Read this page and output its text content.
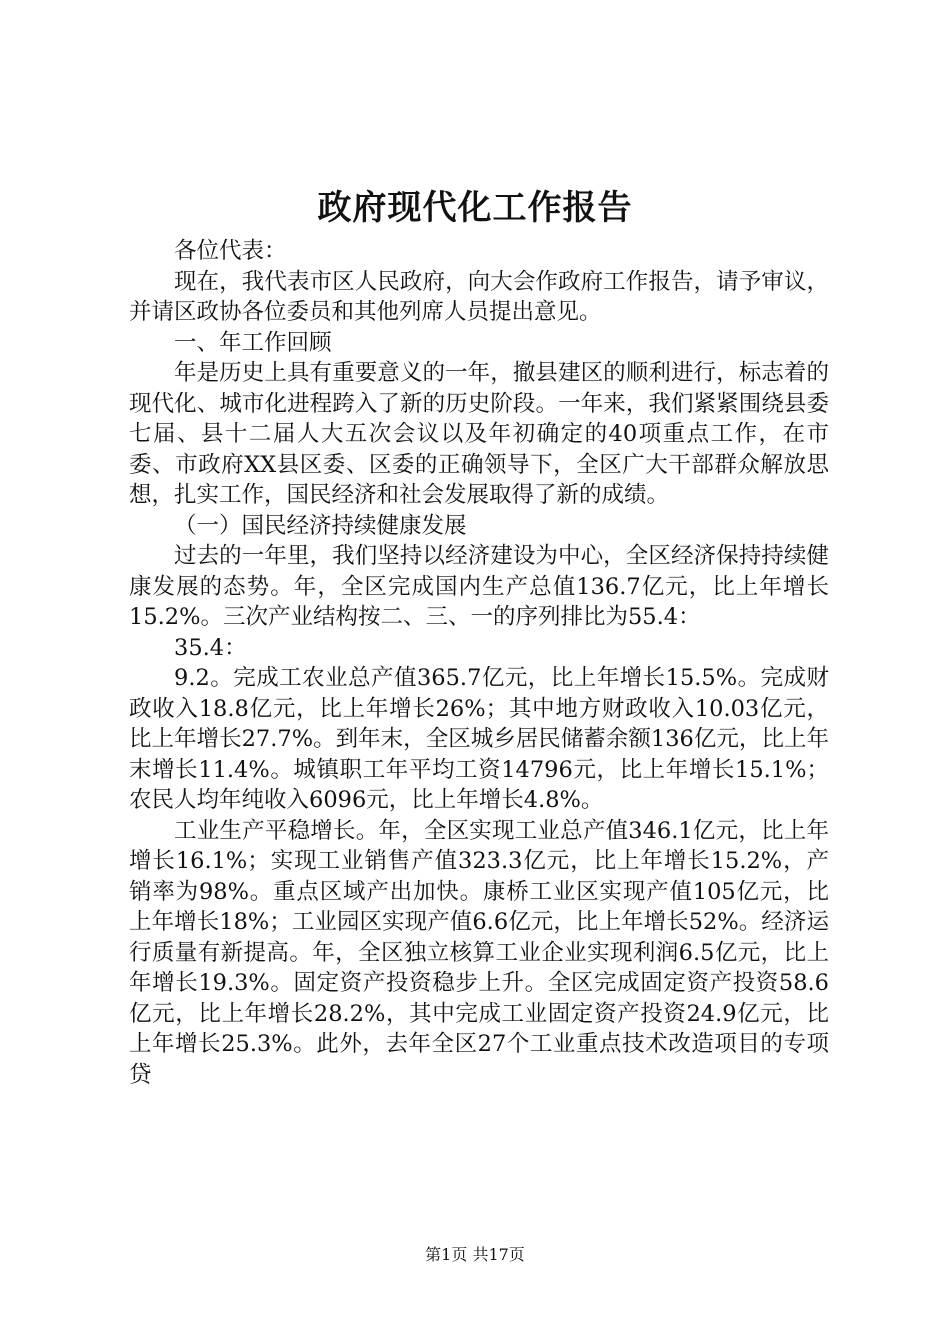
政府现代化工作报告

各位代表：

现在，我代表市区人民政府，向大会作政府工作报告，请予审议，并请区政协各位委员和其他列席人员提出意见。

一、年工作回顾

年是历史上具有重要意义的一年，撤县建区的顺利进行，标志着的现代化、城市化进程跨入了新的历史阶段。一年来，我们紧紧围绕县委七届、县十二届人大五次会议以及年初确定的40项重点工作，在市委、市政府XX县区委、区委的正确领导下，全区广大干部群众解放思想，扎实工作，国民经济和社会发展取得了新的成绩。

（一）国民经济持续健康发展

过去的一年里，我们坚持以经济建设为中心，全区经济保持持续健康发展的态势。年，全区完成国内生产总值136.7亿元，比上年增长15.2%。三次产业结构按二、三、一的序列排比为55.4：

35.4：

9.2。完成工农业总产值365.7亿元，比上年增长15.5%。完成财政收入18.8亿元，比上年增长26%；其中地方财政收入10.03亿元，比上年增长27.7%。到年末，全区城乡居民储蓄余额136亿元，比上年末增长11.4%。城镇职工年平均工资14796元，比上年增长15.1%；农民人均年纯收入6096元，比上年增长4.8%。

工业生产平稳增长。年，全区实现工业总产值346.1亿元，比上年增长16.1%；实现工业销售产值323.3亿元，比上年增长15.2%，产销率为98%。重点区域产出加快。康桥工业区实现产值105亿元，比上年增长18%；工业园区实现产值6.6亿元，比上年增长52%。经济运行质量有新提高。年，全区独立核算工业企业实现利润6.5亿元，比上年增长19.3%。固定资产投资稳步上升。全区完成固定资产投资58.6亿元，比上年增长28.2%，其中完成工业固定资产投资24.9亿元，比上年增长25.3%。此外，去年全区27个工业重点技术改造项目的专项贷

第1页 共17页
